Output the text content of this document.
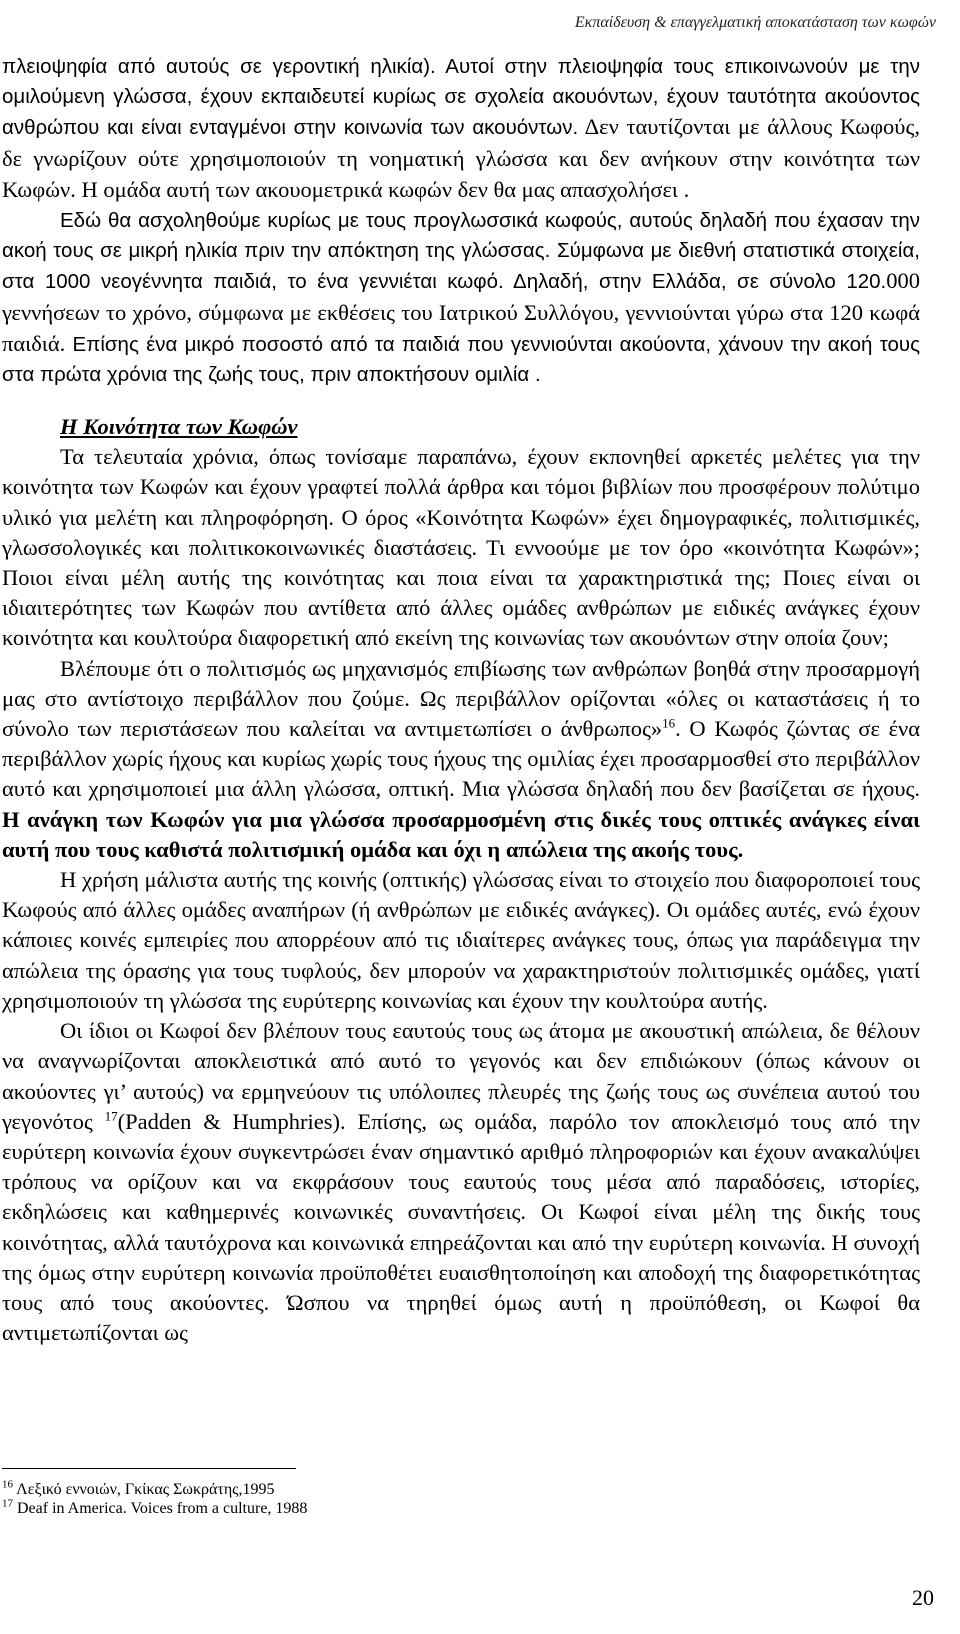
Εκπαίδευση & επαγγελματική αποκατάσταση των κωφών

πλειοψηφία από αυτούς σε γεροντική ηλικία). Αυτοί στην πλειοψηφία τους επικοινωνούν με την ομιλούμενη γλώσσα, έχουν εκπαιδευτεί κυρίως σε σχολεία ακουόντων, έχουν ταυτότητα ακούοντος ανθρώπου και είναι ενταγμένοι στην κοινωνία των ακουόντων. Δεν ταυτίζονται με άλλους Κωφούς, δε γνωρίζουν ούτε χρησιμοποιούν τη νοηματική γλώσσα και δεν ανήκουν στην κοινότητα των Κωφών. Η ομάδα αυτή των ακουομετρικά κωφών δεν θα μας απασχολήσει .

Εδώ θα ασχοληθούμε κυρίως με τους προγλωσσικά κωφούς, αυτούς δηλαδή που έχασαν την ακοή τους σε μικρή ηλικία πριν την απόκτηση της γλώσσας. Σύμφωνα με διεθνή στατιστικά στοιχεία, στα 1000 νεογέννητα παιδιά, το ένα γεννιέται κωφό. Δηλαδή, στην Ελλάδα, σε σύνολο 120.000 γεννήσεων το χρόνο, σύμφωνα με εκθέσεις του Ιατρικού Συλλόγου, γεννιούνται γύρω στα 120 κωφά παιδιά. Επίσης ένα μικρό ποσοστό από τα παιδιά που γεννιούνται ακούοντα, χάνουν την ακοή τους στα πρώτα χρόνια της ζωής τους, πριν αποκτήσουν ομιλία .

Η Κοινότητα των Κωφών

Τα τελευταία χρόνια, όπως τονίσαμε παραπάνω, έχουν εκπονηθεί αρκετές μελέτες για την κοινότητα των Κωφών και έχουν γραφτεί πολλά άρθρα και τόμοι βιβλίων που προσφέρουν πολύτιμο υλικό για μελέτη και πληροφόρηση. Ο όρος «Κοινότητα Κωφών» έχει δημογραφικές, πολιτισμικές, γλωσσολογικές και πολιτικοκοινωνικές διαστάσεις. Τι εννοούμε με τον όρο «κοινότητα Κωφών»; Ποιοι είναι μέλη αυτής της κοινότητας και ποια είναι τα χαρακτηριστικά της; Ποιες είναι οι ιδιαιτερότητες των Κωφών που αντίθετα από άλλες ομάδες ανθρώπων με ειδικές ανάγκες έχουν κοινότητα και κουλτούρα διαφορετική από εκείνη της κοινωνίας των ακουόντων στην οποία ζουν;

Βλέπουμε ότι ο πολιτισμός ως μηχανισμός επιβίωσης των ανθρώπων βοηθά στην προσαρμογή μας στο αντίστοιχο περιβάλλον που ζούμε. Ως περιβάλλον ορίζονται «όλες οι καταστάσεις ή το σύνολο των περιστάσεων που καλείται να αντιμετωπίσει ο άνθρωπος»$^{16}$. Ο Κωφός ζώντας σε ένα περιβάλλον χωρίς ήχους και κυρίως χωρίς τους ήχους της ομιλίας έχει προσαρμοσθεί στο περιβάλλον αυτό και χρησιμοποιεί μια άλλη γλώσσα, οπτική. Μια γλώσσα δηλαδή που δεν βασίζεται σε ήχους. Η ανάγκη των Κωφών για μια γλώσσα προσαρμοσμένη στις δικές τους οπτικές ανάγκες είναι αυτή που τους καθιστά πολιτισμική ομάδα και όχι η απώλεια της ακοής τους.

Η χρήση μάλιστα αυτής της κοινής (οπτικής) γλώσσας είναι το στοιχείο που διαφοροποιεί τους Κωφούς από άλλες ομάδες αναπήρων (ή ανθρώπων με ειδικές ανάγκες). Οι ομάδες αυτές, ενώ έχουν κάποιες κοινές εμπειρίες που απορρέουν από τις ιδιαίτερες ανάγκες τους, όπως για παράδειγμα την απώλεια της όρασης για τους τυφλούς, δεν μπορούν να χαρακτηριστούν πολιτισμικές ομάδες, γιατί χρησιμοποιούν τη γλώσσα της ευρύτερης κοινωνίας και έχουν την κουλτούρα αυτής.

Οι ίδιοι οι Κωφοί δεν βλέπουν τους εαυτούς τους ως άτομα με ακουστική απώλεια, δε θέλουν να αναγνωρίζονται αποκλειστικά από αυτό το γεγονός και δεν επιδιώκουν (όπως κάνουν οι ακούοντες γι’ αυτούς) να ερμηνεύουν τις υπόλοιπες πλευρές της ζωής τους ως συνέπεια αυτού του γεγονότος $^{17}$(Padden & Humphries). Επίσης, ως ομάδα, παρόλο τον αποκλεισμό τους από την ευρύτερη κοινωνία έχουν συγκεντρώσει έναν σημαντικό αριθμό πληροφοριών και έχουν ανακαλύψει τρόπους να ορίζουν και να εκφράσουν τους εαυτούς τους μέσα από παραδόσεις, ιστορίες, εκδηλώσεις και καθημερινές κοινωνικές συναντήσεις. Οι Κωφοί είναι μέλη της δικής τους κοινότητας, αλλά ταυτόχρονα και κοινωνικά επηρεάζονται και από την ευρύτερη κοινωνία. Η συνοχή της όμως στην ευρύτερη κοινωνία προϋποθέτει ευαισθητοποίηση και αποδοχή της διαφορετικότητας τους από τους ακούοντες. Ώσπου να τηρηθεί όμως αυτή η προϋπόθεση, οι Κωφοί θα αντιμετωπίζονται ως

$^{16}$ Λεξικό εννοιών, Γκίκας Σωκράτης,1995
$^{17}$ Deaf in America. Voices from a culture, 1988
20
